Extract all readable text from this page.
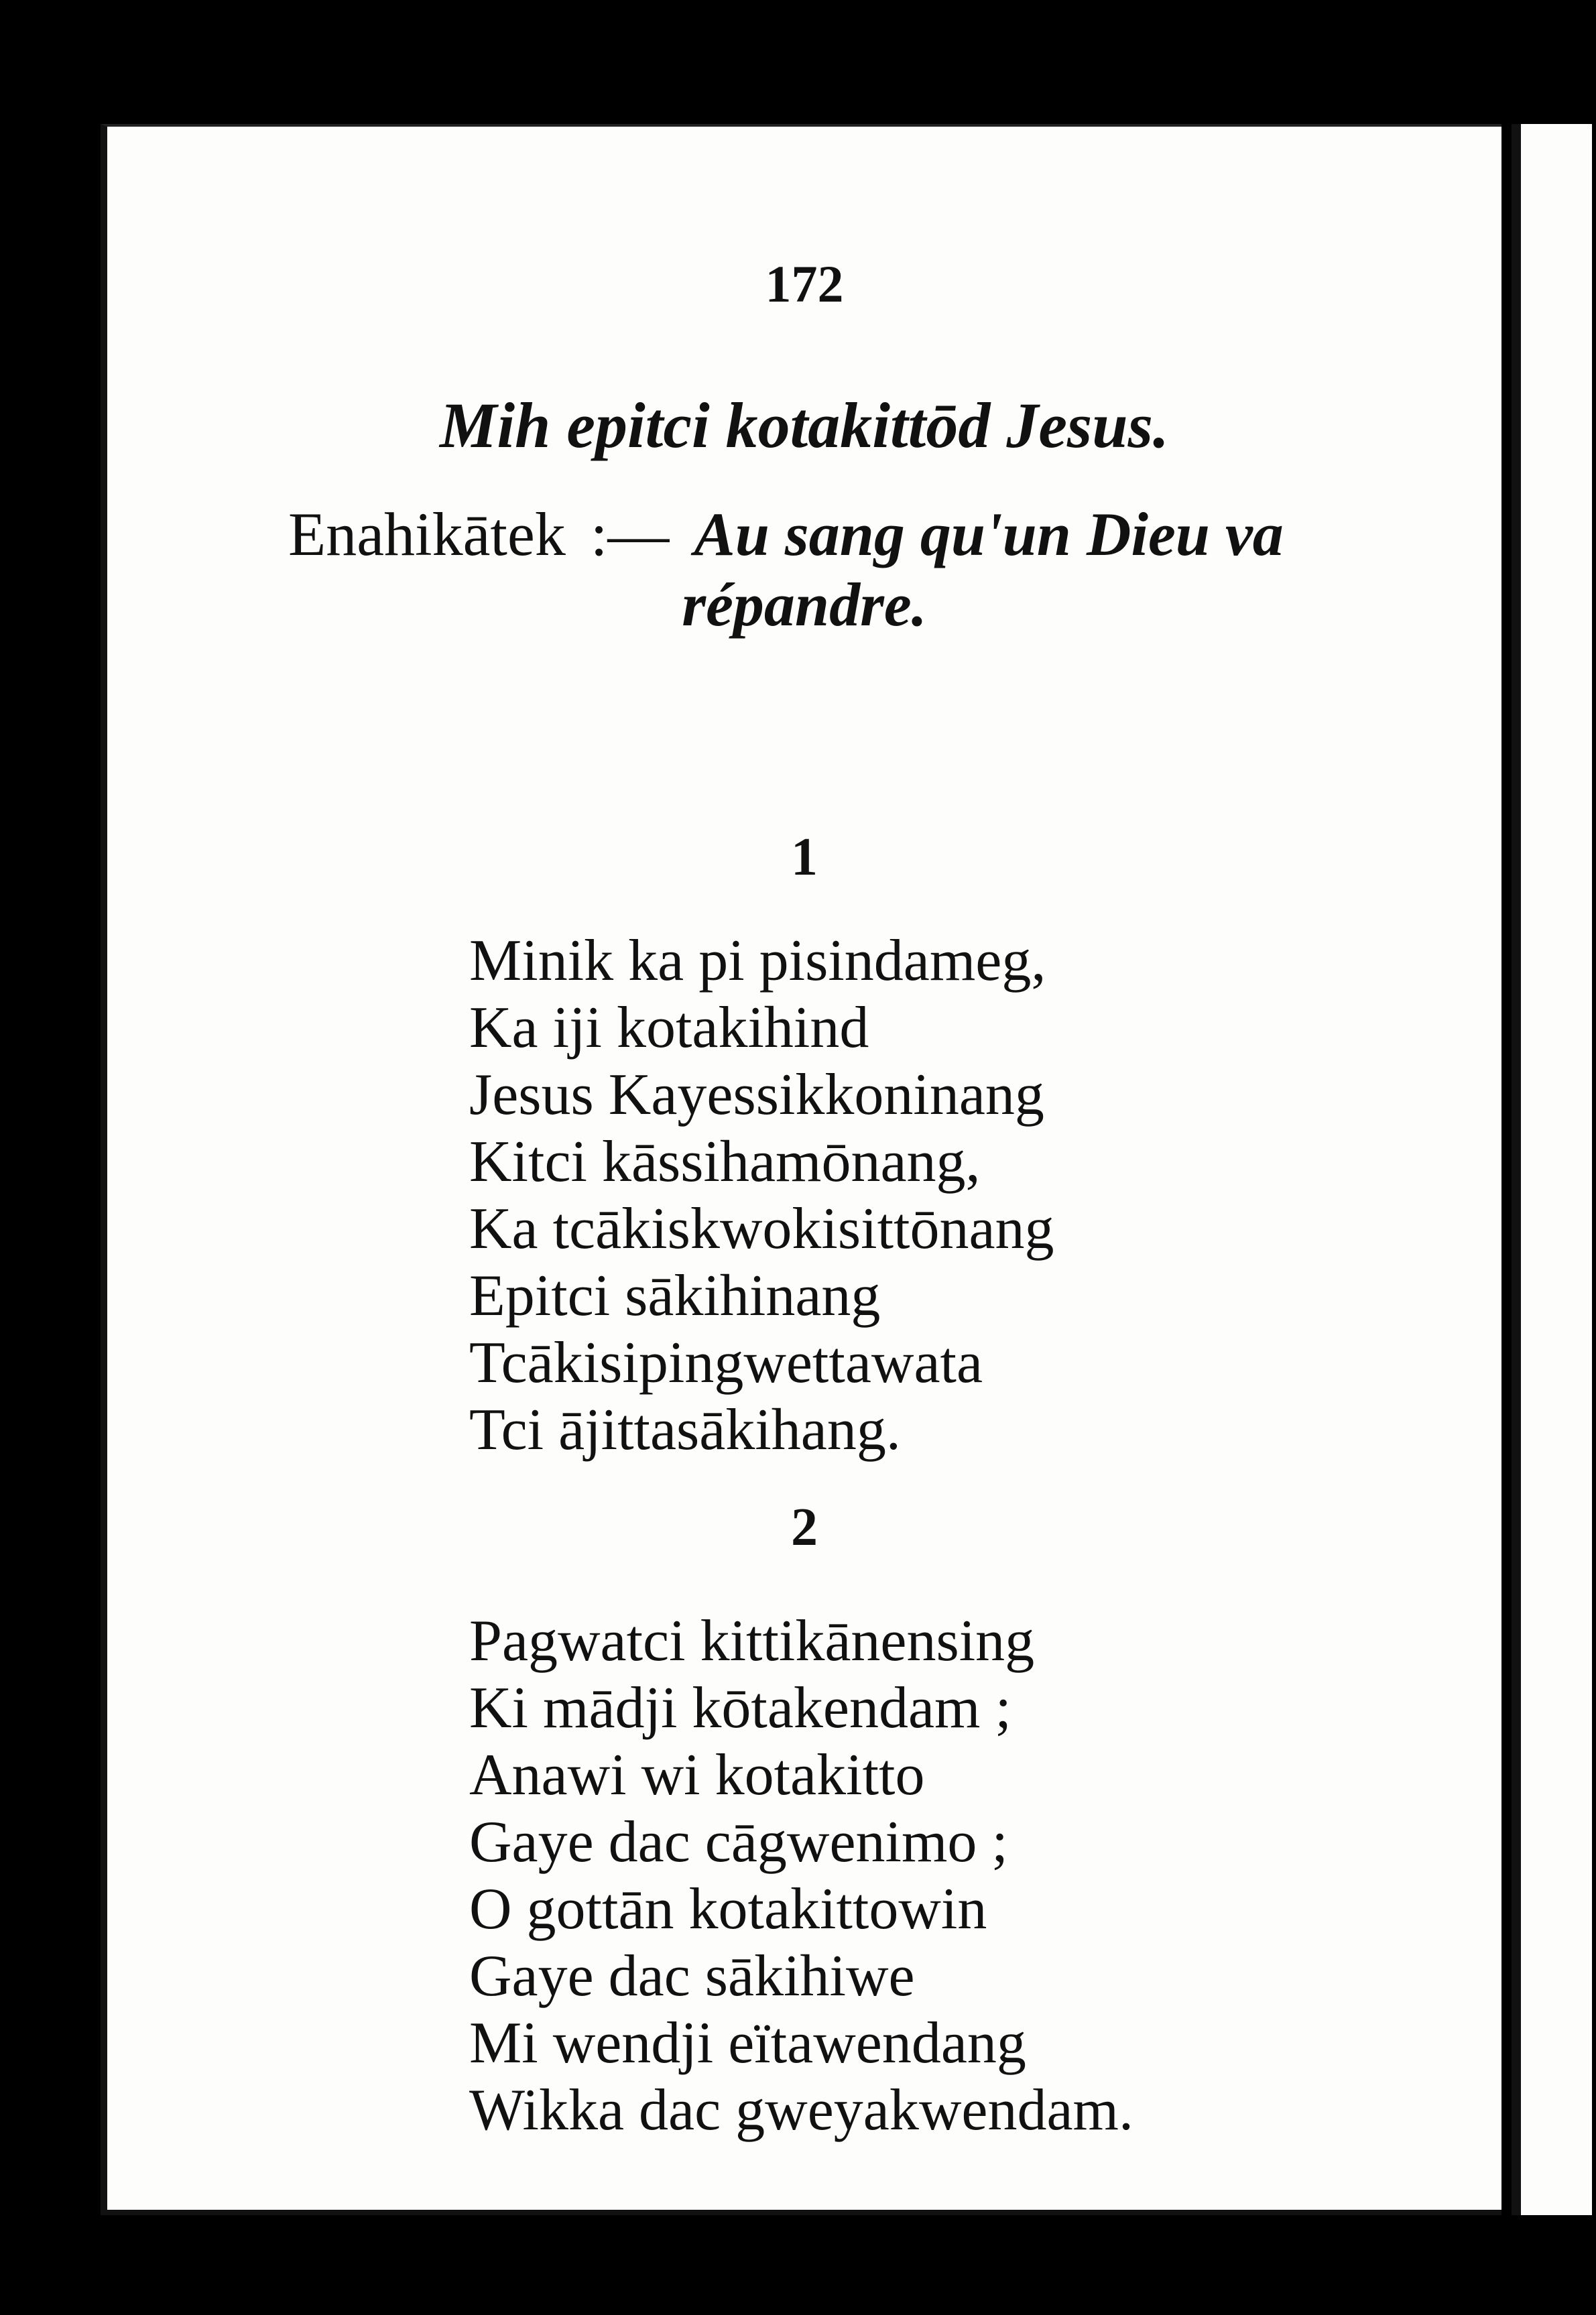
172
Mih epitci kotakittōd Jesus.
Enahikātek :— Au sang qu'un Dieu va
répandre.
1
Minik ka pi pisindameg,
Ka iji kotakihind
Jesus Kayessikkoninang
Kitci kāssihamōnang,
Ka tcākiskwokisittōnang
Epitci sākihinang
Tcākisipingwettawata
Tci ājittasākihang.
2
Pagwatci kittikānensing
Ki mādji kōtakendam ;
Anawi wi kotakitto
Gaye dac cāgwenimo ;
O gottān kotakittowin
Gaye dac sākihiwe
Mi wendji eïtawendang
Wikka dac gweyakwendam.
